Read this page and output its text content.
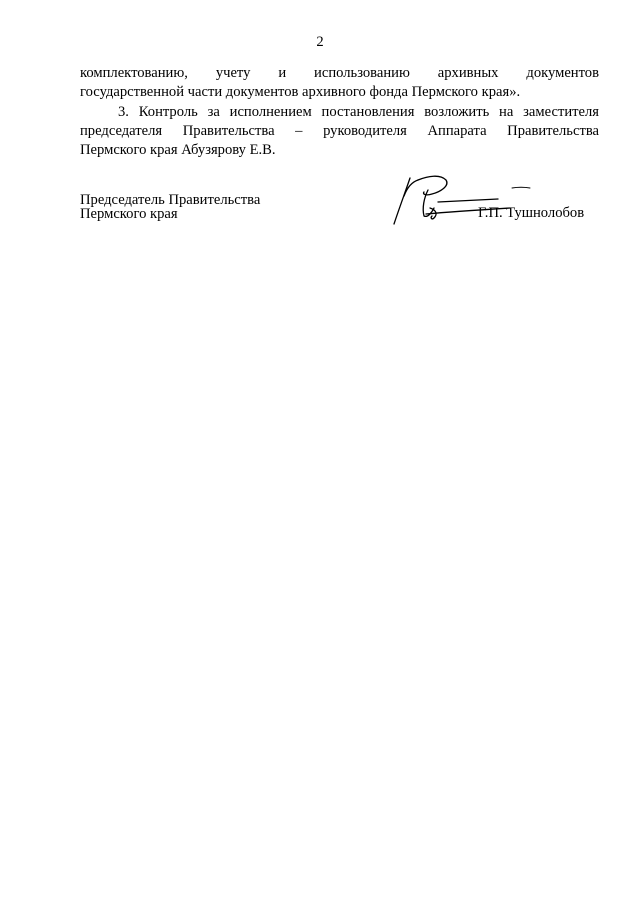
2
комплектованию, учету и использованию архивных документов
государственной части документов архивного фонда Пермского края».
3. Контроль за исполнением постановления возложить на заместителя
председателя Правительства – руководителя Аппарата Правительства
Пермского края Абузярову Е.В.
Председатель Правительства
Пермского края	Г.П. Тушнолобов
